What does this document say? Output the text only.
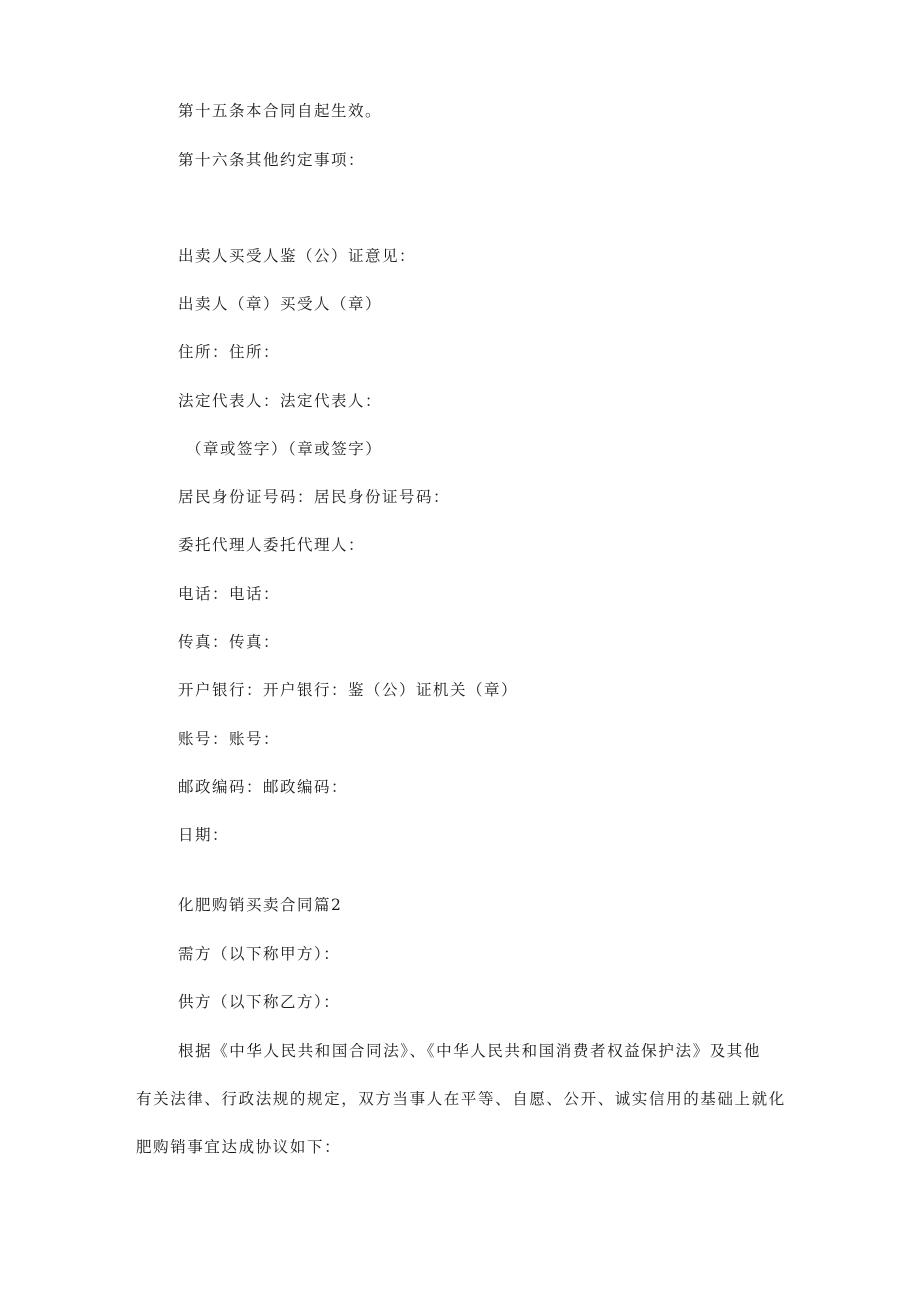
第十五条本合同自起生效。
第十六条其他约定事项：
出卖人买受人鉴（公）证意见：
出卖人（章）买受人（章）
住所：住所：
法定代表人：法定代表人：
（章或签字）（章或签字）
居民身份证号码：居民身份证号码：
委托代理人委托代理人：
电话：电话：
传真：传真：
开户银行：开户银行：鉴（公）证机关（章）
账号：账号：
邮政编码：邮政编码：
日期：
化肥购销买卖合同篇2
需方（以下称甲方）：
供方（以下称乙方）：
根据《中华人民共和国合同法》、《中华人民共和国消费者权益保护法》及其他
有关法律、行政法规的规定，双方当事人在平等、自愿、公开、诚实信用的基础上就化
肥购销事宜达成协议如下：
